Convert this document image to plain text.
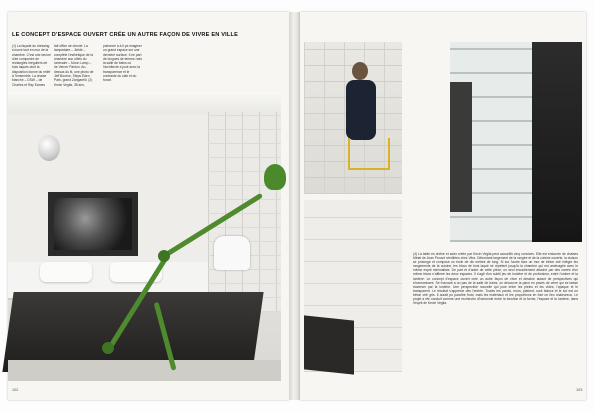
LE CONCEPT D'ESPACE OUVERT CRÉE UN AUTRE FAÇON DE VIVRE EN VILLE
(1) La façade du dressing s'ouvre tout en mur de la chambre. C'est une œuvre d'art composée de rectangles irréguliers de bois laqués dont la disposition donne du relief à l'ensemble. La chaise blanche – DSW – de Charles et Ray Eames
fait office de chevet. La lampadaire – Jieldé – complète l'esthétique de la chambre aux côtés du luminaire – Moon Lamp – de Verner Panton. Au-dessus du lit, une photo de Jeff Bourne, Steps Eden Park, grand Zangarelli. (2) Kevin Veglia, 38 ans,
patronne à à il ya imaginer un grand espace sur une dernière surface. Il ne part de longues de termes roés la salle de bains où l'architecte a joué avec la transparence et le contraste du clair et du foncé.
102
(4) La table en chêne et acier créée par Kevin Veglia peut accueillir cinq convives. Elle est entourée de chaises Métal de Jean Prouvé rééditées chez Vitra. Débordant largement de la rangée et de la cuisine ouverte, la cloison se prolonge et compose un écrin de dix mètres de long. Si sur l'autre face un mur de béton ciré intègre les rangements de la cuisine, les blocs de bois laqué se répètent jusqu'à la chambre qui est aménagée avec le même esprit minimaliste. De part et d'autre de cette pièce, un seul encadrement attaché par des carrés d'un même blanc n'affirme les deux espaces. Il s'agit d'un subtil jeu de lumière et de profondeur, entre l'ombre et la lumière. Le concept d'espace ouvert crée un autre façon de vivre et dessine autant de perspectives qui s'harmonisent. Se trouvant à un pas de la salle de bains, on découvre la paroi en pavés de verre qui se laisse traverser par la lumière. Une perspective nouvelle qui joue entre les pleins et les vides, l'opaque et le transparent. Le résultat s'apprécie dès l'entrée. Toutes les parois, murs, plafond, sont blancs et le sol est un béton ciré gris. Il aurait pu paraître froid, mais les matériaux et les proportions en font un lieu chaleureux. Le projet a été conduit comme une recherche d'harmonie entre la fonction et la forme, l'espace et la lumière, dans l'esprit de Kevin Veglia.
103
